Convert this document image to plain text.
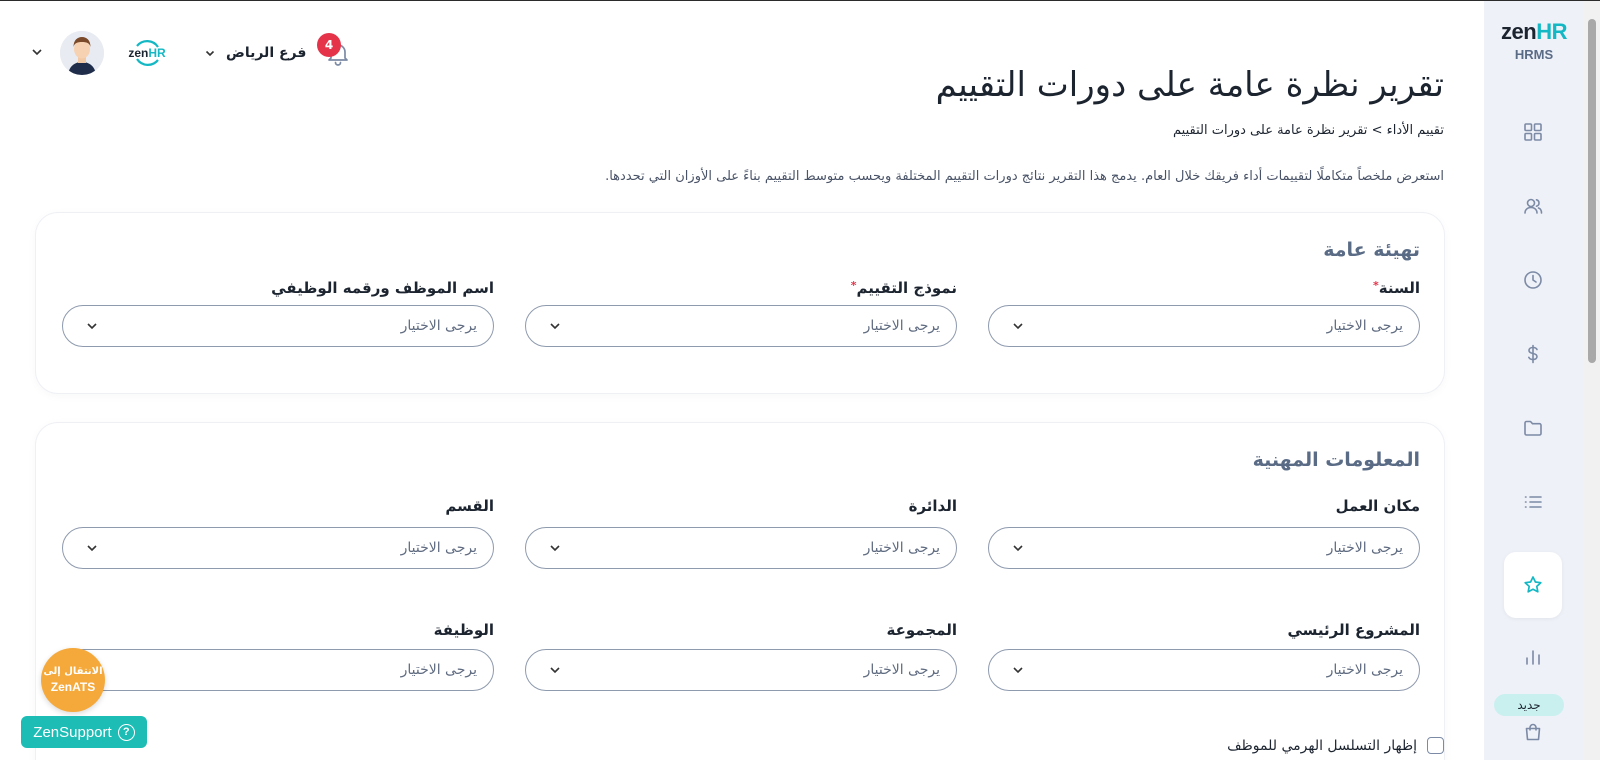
zenHR	فرع الرياض	4
تقرير نظرة عامة على دورات التقييم
تقييم الأداء > تقرير نظرة عامة على دورات التقييم

استعرض ملخصاً متكاملًا لتقييمات أداء فريقك خلال العام. يدمج هذا التقرير نتائج دورات التقييم المختلفة ويحسب متوسط التقييم بناءً على الأوزان التي تحددها.

تهيئة عامة
السنة*
يرجى الاختيار
نموذج التقييم*
يرجى الاختيار
اسم الموظف ورقمه الوظيفي
يرجى الاختيار
المعلومات المهنية
مكان العمل
يرجى الاختيار
الدائرة
يرجى الاختيار
القسم
يرجى الاختيار
المشروع الرئيسي
يرجى الاختيار
المجموعة
يرجى الاختيار
الوظيفة
يرجى الاختيار
إظهار التسلسل الهرمي للموظف
الانتقال إلى
ZenATS
ZenSupport	?
zenHR
HRMS
جديد
